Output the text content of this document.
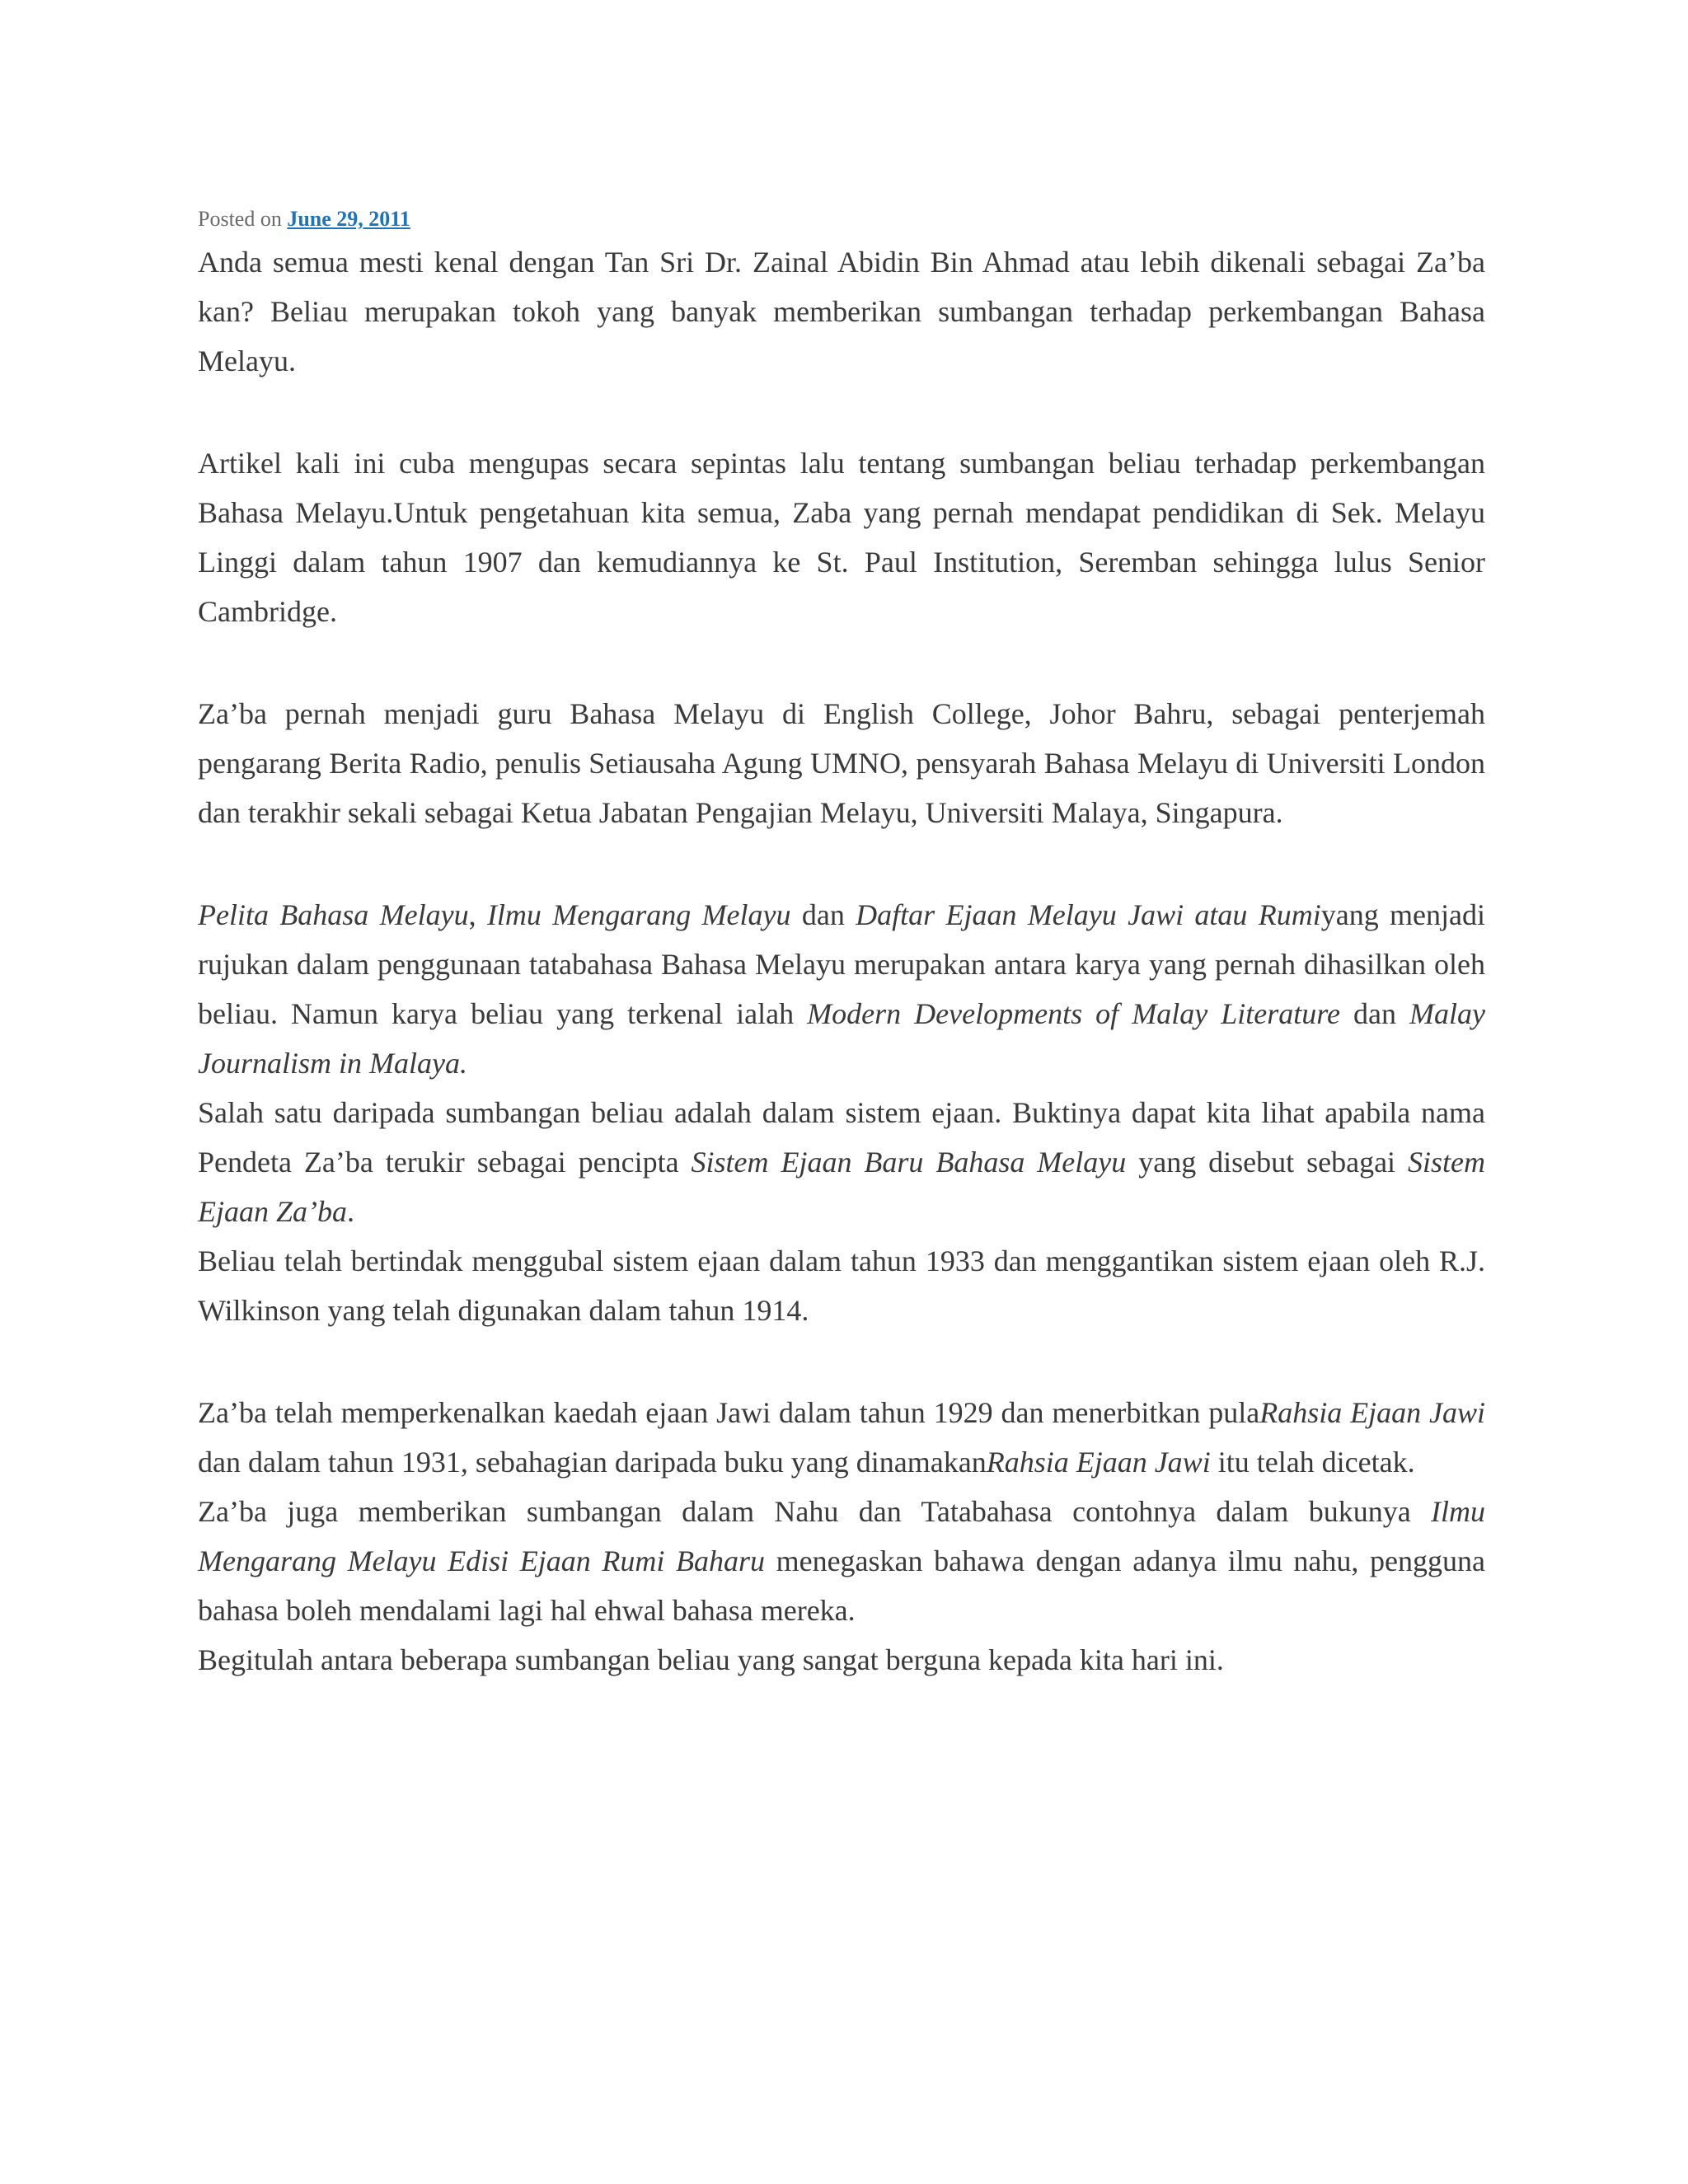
Posted on June 29, 2011

Anda semua mesti kenal dengan Tan Sri Dr. Zainal Abidin Bin Ahmad atau lebih dikenali sebagai Za’ba kan? Beliau merupakan tokoh yang banyak memberikan sumbangan terhadap perkembangan Bahasa Melayu.

Artikel kali ini cuba mengupas secara sepintas lalu tentang sumbangan beliau terhadap perkembangan Bahasa Melayu.Untuk pengetahuan kita semua, Zaba yang pernah mendapat pendidikan di Sek. Melayu Linggi dalam tahun 1907 dan kemudiannya ke St. Paul Institution, Seremban sehingga lulus Senior Cambridge.

Za’ba pernah menjadi guru Bahasa Melayu di English College, Johor Bahru, sebagai penterjemah pengarang Berita Radio, penulis Setiausaha Agung UMNO, pensyarah Bahasa Melayu di Universiti London dan terakhir sekali sebagai Ketua Jabatan Pengajian Melayu, Universiti Malaya, Singapura.

Pelita Bahasa Melayu, Ilmu Mengarang Melayu dan Daftar Ejaan Melayu Jawi atau Rumiyang menjadi rujukan dalam penggunaan tatabahasa Bahasa Melayu merupakan antara karya yang pernah dihasilkan oleh beliau. Namun karya beliau yang terkenal ialah Modern Developments of Malay Literature dan Malay Journalism in Malaya.

Salah satu daripada sumbangan beliau adalah dalam sistem ejaan. Buktinya dapat kita lihat apabila nama Pendeta Za’ba terukir sebagai pencipta Sistem Ejaan Baru Bahasa Melayu yang disebut sebagai Sistem Ejaan Za’ba.

Beliau telah bertindak menggubal sistem ejaan dalam tahun 1933 dan menggantikan sistem ejaan oleh R.J. Wilkinson yang telah digunakan dalam tahun 1914.

Za’ba telah memperkenalkan kaedah ejaan Jawi dalam tahun 1929 dan menerbitkan pulaRahsia Ejaan Jawi dan dalam tahun 1931, sebahagian daripada buku yang dinamakanRahsia Ejaan Jawi itu telah dicetak.

Za’ba juga memberikan sumbangan dalam Nahu dan Tatabahasa contohnya dalam bukunya Ilmu Mengarang Melayu Edisi Ejaan Rumi Baharu menegaskan bahawa dengan adanya ilmu nahu, pengguna bahasa boleh mendalami lagi hal ehwal bahasa mereka.

Begitulah antara beberapa sumbangan beliau yang sangat berguna kepada kita hari ini.
